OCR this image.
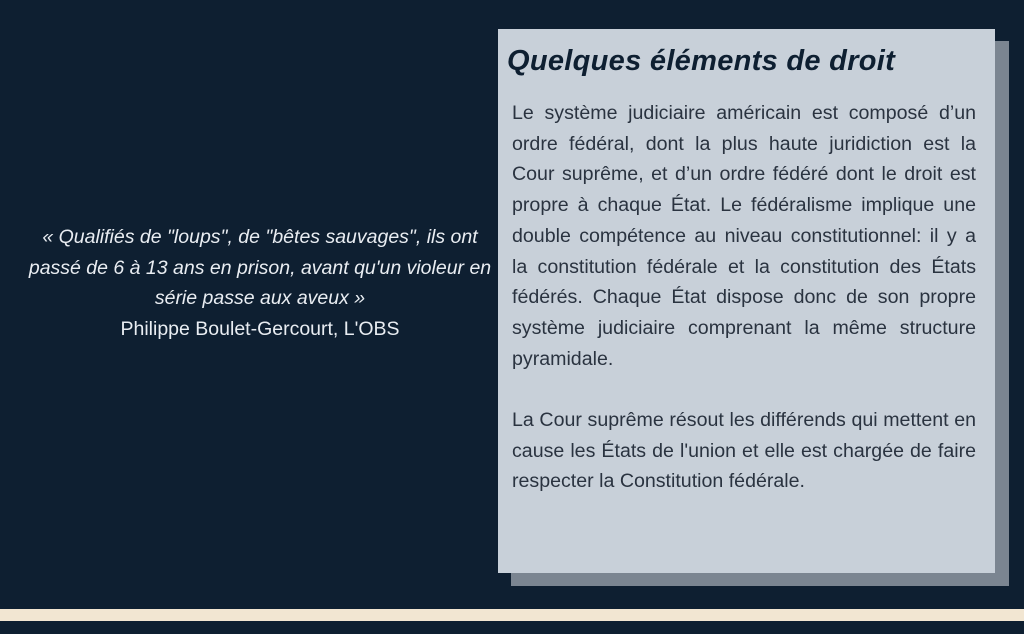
« Qualifiés de "loups", de "bêtes sauvages", ils ont passé de 6 à 13 ans en prison, avant qu'un violeur en série passe aux aveux »
Philippe Boulet-Gercourt, L'OBS
Quelques éléments de droit

Le système judiciaire américain est composé d’un ordre fédéral, dont la plus haute juridiction est la Cour suprême, et d’un ordre fédéré dont le droit est propre à chaque État. Le fédéralisme implique une double compétence au niveau constitutionnel: il y a la constitution fédérale et la constitution des États fédérés. Chaque État dispose donc de son propre système judiciaire comprenant la même structure pyramidale.

La Cour suprême résout les différends qui mettent en cause les États de l'union et elle est chargée de faire respecter la Constitution fédérale.
